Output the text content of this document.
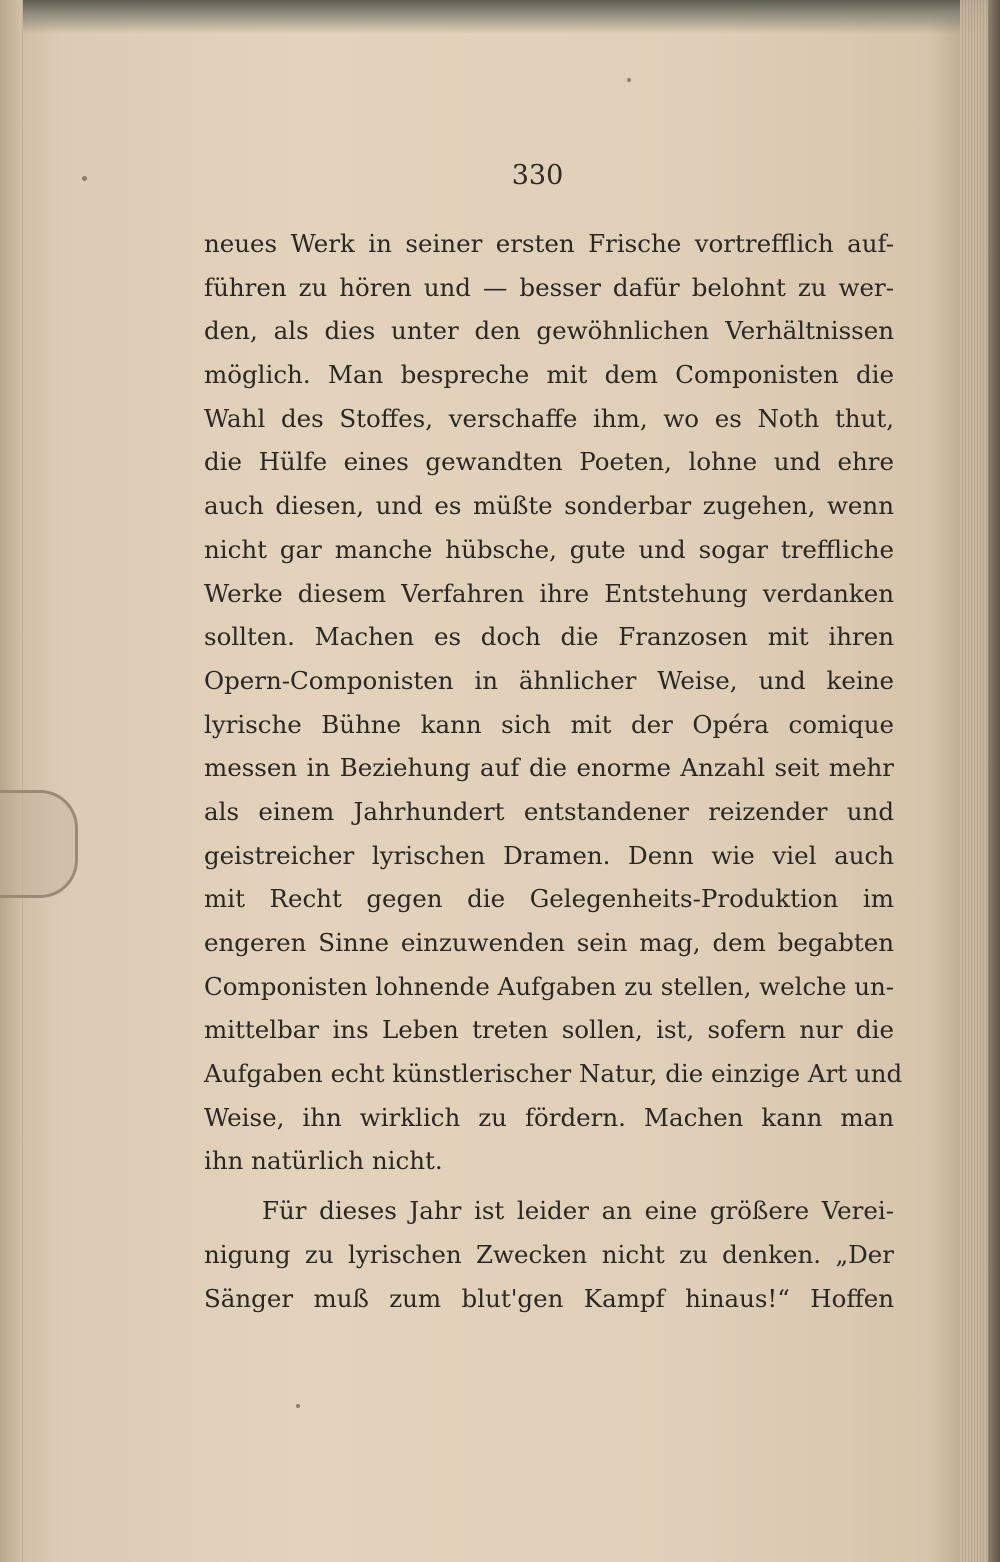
330
neues Werk in seiner ersten Frische vortrefflich auf-
führen zu hören und — besser dafür belohnt zu wer-
den, als dies unter den gewöhnlichen Verhältnissen
möglich. Man bespreche mit dem Componisten die
Wahl des Stoffes, verschaffe ihm, wo es Noth thut,
die Hülfe eines gewandten Poeten, lohne und ehre
auch diesen, und es müßte sonderbar zugehen, wenn
nicht gar manche hübsche, gute und sogar treffliche
Werke diesem Verfahren ihre Entstehung verdanken
sollten. Machen es doch die Franzosen mit ihren
Opern-Componisten in ähnlicher Weise, und keine
lyrische Bühne kann sich mit der Opéra comique
messen in Beziehung auf die enorme Anzahl seit mehr
als einem Jahrhundert entstandener reizender und
geistreicher lyrischen Dramen. Denn wie viel auch
mit Recht gegen die Gelegenheits-Produktion im
engeren Sinne einzuwenden sein mag, dem begabten
Componisten lohnende Aufgaben zu stellen, welche un-
mittelbar ins Leben treten sollen, ist, sofern nur die
Aufgaben echt künstlerischer Natur, die einzige Art und
Weise, ihn wirklich zu fördern. Machen kann man
ihn natürlich nicht.
Für dieses Jahr ist leider an eine größere Verei-
nigung zu lyrischen Zwecken nicht zu denken. „Der
Sänger muß zum blut'gen Kampf hinaus!“ Hoffen
